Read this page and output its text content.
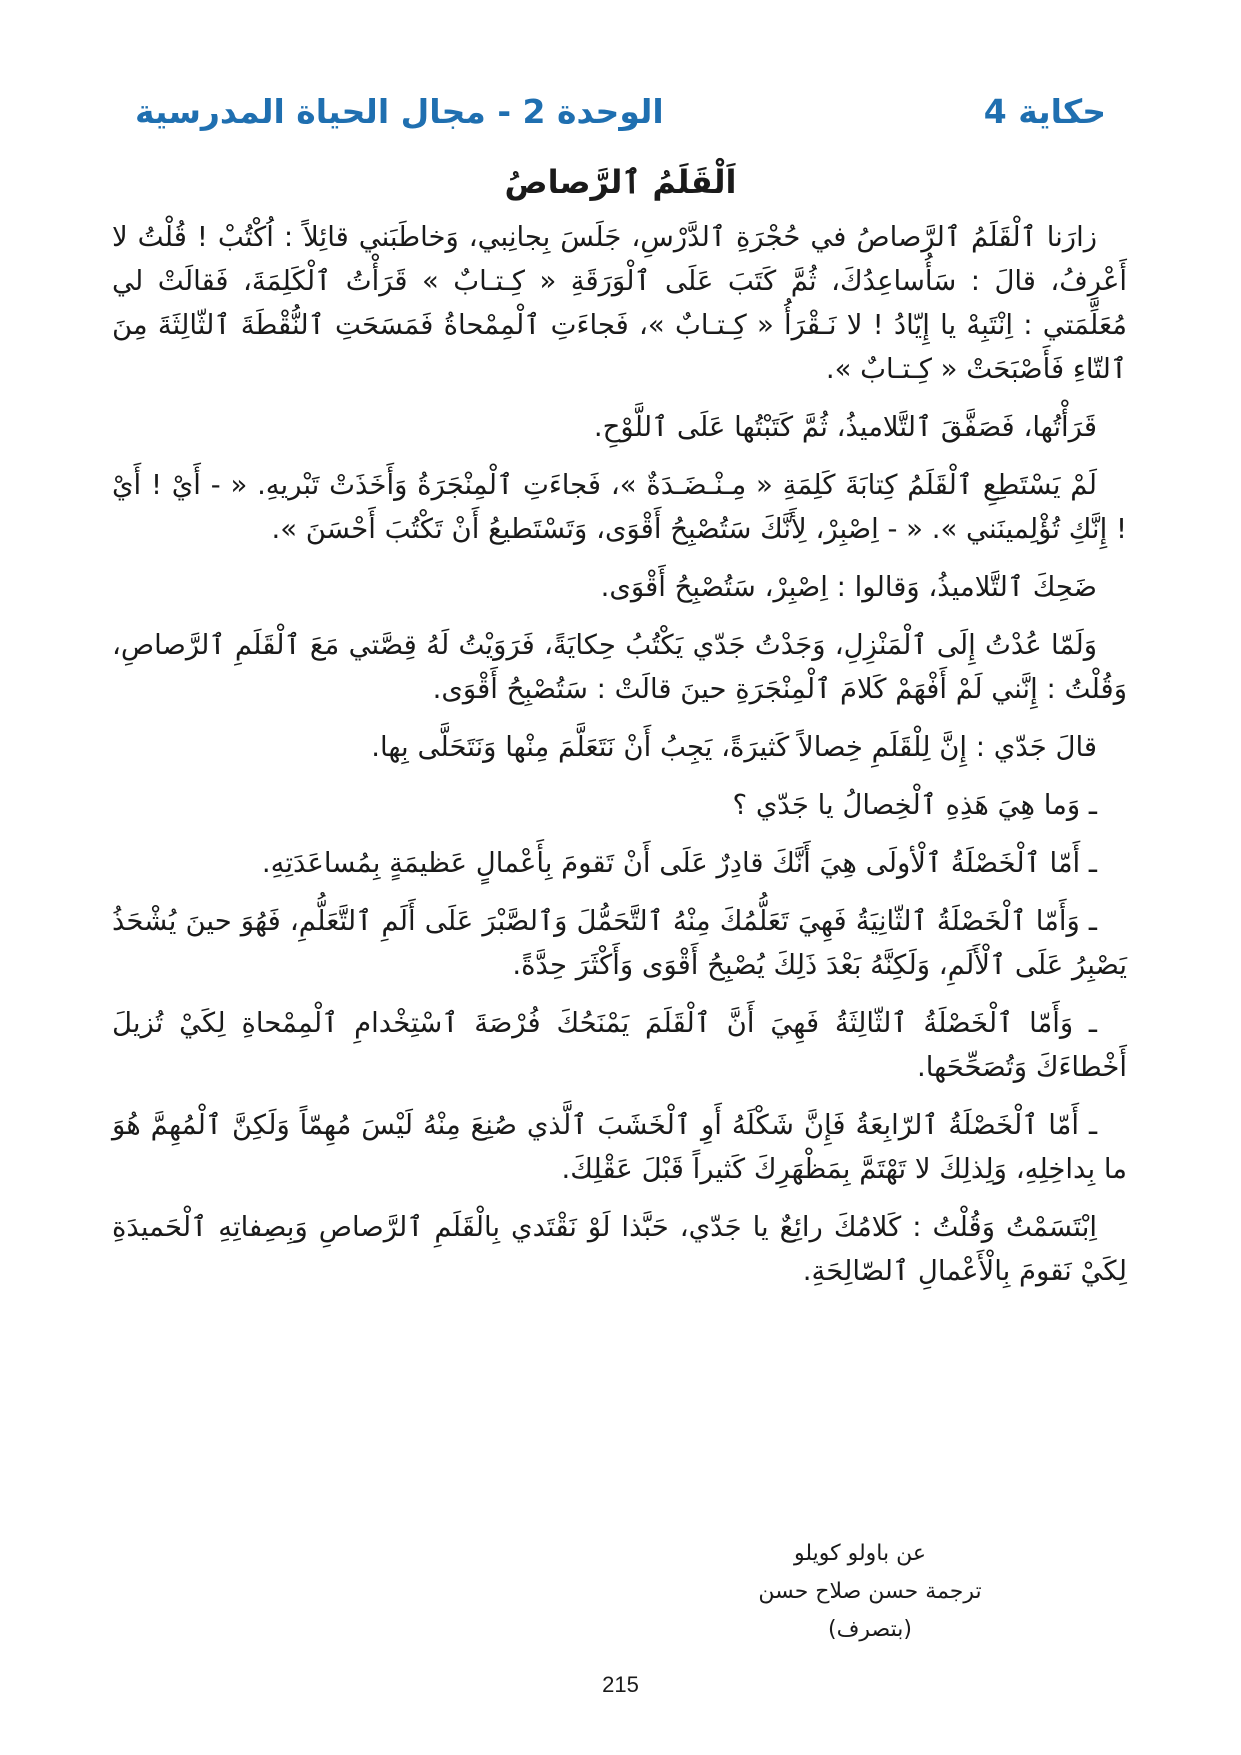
حكاية 4
الوحدة 2 - مجال الحياة المدرسية
اَلْقَلَمُ ٱلرَّصاصُ

زارَنا ٱلْقَلَمُ ٱلرَّصاصُ في حُجْرَةِ ٱلدَّرْسِ، جَلَسَ بِجانِبي، وَخاطَبَني قائِلاً : اُكْتُبْ ! قُلْتُ لا أَعْرِفُ، قالَ : سَأُساعِدُكَ، ثُمَّ كَتَبَ عَلَى ٱلْوَرَقَةِ « كِـتـابٌ » قَرَأْتُ ٱلْكَلِمَةَ، فَقالَتْ لي مُعَلِّمَتي : اِنْتَبِهْ يا إِيّادُ ! لا نَـقْرَأُ « كِـتـابٌ »، فَجاءَتِ ٱلْمِمْحاةُ فَمَسَحَتِ ٱلنُّقْطَةَ ٱلثّالِثَةَ مِنَ ٱلتّاءِ فَأَصْبَحَتْ « كِـتـابٌ ».

قَرَأْتُها، فَصَفَّقَ ٱلتَّلاميذُ، ثُمَّ كَتَبْتُها عَلَى ٱللَّوْحِ.

لَمْ يَسْتَطِعِ ٱلْقَلَمُ كِتابَةَ كَلِمَةِ « مِـنْـضَـدَةٌ »، فَجاءَتِ ٱلْمِنْجَرَةُ وَأَخَذَتْ تَبْريهِ. « - أَيْ ! أَيْ ! إِنَّكِ تُؤْلِمينَني ». « - اِصْبِرْ، لِأَنَّكَ سَتُصْبِحُ أَقْوَى، وَتَسْتَطيعُ أَنْ تَكْتُبَ أَحْسَنَ ».

ضَحِكَ ٱلتَّلاميذُ، وَقالوا : اِصْبِرْ، سَتُصْبِحُ أَقْوَى.

وَلَمّا عُدْتُ إِلَى ٱلْمَنْزِلِ، وَجَدْتُ جَدّي يَكْتُبُ حِكايَةً، فَرَوَيْتُ لَهُ قِصَّتي مَعَ ٱلْقَلَمِ ٱلرَّصاصِ، وَقُلْتُ : إِنَّني لَمْ أَفْهَمْ كَلامَ ٱلْمِنْجَرَةِ حينَ قالَتْ : سَتُصْبِحُ أَقْوَى.

قالَ جَدّي : إِنَّ لِلْقَلَمِ خِصالاً كَثيرَةً، يَجِبُ أَنْ نَتَعَلَّمَ مِنْها وَنَتَحَلَّى بِها.

ـ وَما هِيَ هَذِهِ ٱلْخِصالُ يا جَدّي ؟

ـ أَمّا ٱلْخَصْلَةُ ٱلْأولَى هِيَ أَنَّكَ قادِرٌ عَلَى أَنْ تَقومَ بِأَعْمالٍ عَظيمَةٍ بِمُساعَدَتِهِ.

ـ وَأَمّا ٱلْخَصْلَةُ ٱلثّانِيَةُ فَهِيَ تَعَلُّمُكَ مِنْهُ ٱلتَّحَمُّلَ وَٱلصَّبْرَ عَلَى أَلَمِ ٱلتَّعَلُّمِ، فَهُوَ حينَ يُشْحَذُ يَصْبِرُ عَلَى ٱلْأَلَمِ، وَلَكِنَّهُ بَعْدَ ذَلِكَ يُصْبِحُ أَقْوَى وَأَكْثَرَ حِدَّةً.

ـ وَأَمّا ٱلْخَصْلَةُ ٱلثّالِثَةُ فَهِيَ أَنَّ ٱلْقَلَمَ يَمْنَحُكَ فُرْصَةَ ٱسْتِخْدامِ ٱلْمِمْحاةِ لِكَيْ تُزيلَ أَخْطاءَكَ وَتُصَحِّحَها.

ـ أَمّا ٱلْخَصْلَةُ ٱلرّابِعَةُ فَإِنَّ شَكْلَهُ أَوِ ٱلْخَشَبَ ٱلَّذي صُنِعَ مِنْهُ لَيْسَ مُهِمّاً وَلَكِنَّ ٱلْمُهِمَّ هُوَ ما بِداخِلِهِ، وَلِذلِكَ لا تَهْتَمَّ بِمَظْهَرِكَ كَثيراً قَبْلَ عَقْلِكَ.

اِبْتَسَمْتُ وَقُلْتُ : كَلامُكَ رائِعٌ يا جَدّي، حَبَّذا لَوْ نَقْتَدي بِالْقَلَمِ ٱلرَّصاصِ وَبِصِفاتِهِ ٱلْحَميدَةِ لِكَيْ نَقومَ بِالْأَعْمالِ ٱلصّالِحَةِ.

عن باولو كويلو
ترجمة حسن صلاح حسن (بتصرف)
215
